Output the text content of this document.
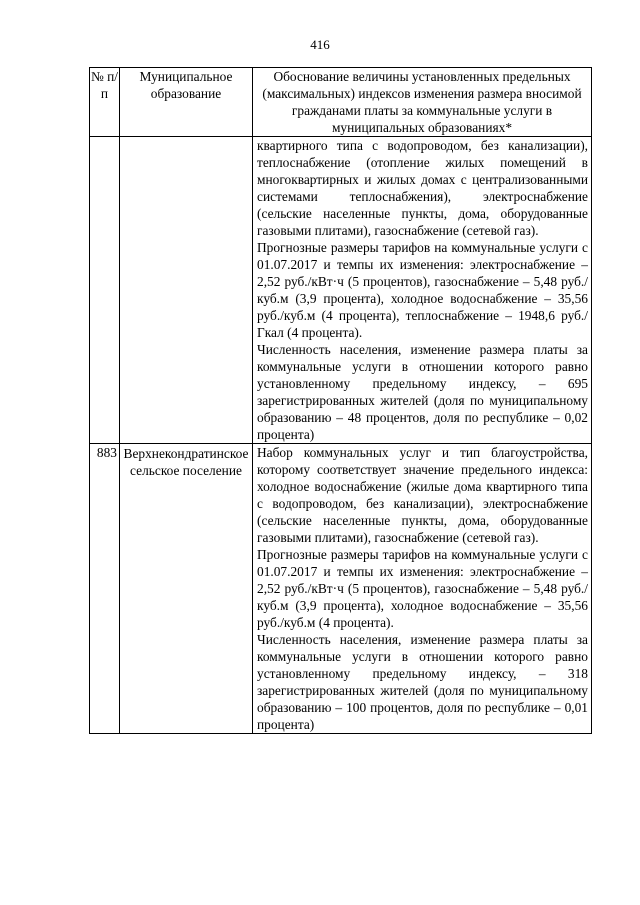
416
№ п/п	Муниципальное образование	Обоснование величины установленных предельных (максимальных) индексов изменения размера вносимой гражданами платы за коммунальные услуги в муниципальных образованиях*

		квартирного типа с водопроводом, без канализации), теплоснабжение (отопление жилых помещений в многоквартирных и жилых домах с централизованными системами теплоснабжения), электроснабжение (сельские населенные пункты, дома, оборудованные газовыми плитами), газоснабжение (сетевой газ).

Прогнозные размеры тарифов на коммунальные услуги с 01.07.2017 и темпы их изменения: электроснабжение – 2,52 руб./кВт·ч (5 процентов), газоснабжение – 5,48 руб./куб.м (3,9 процента), холодное водоснабжение – 35,56 руб./куб.м (4 процента), теплоснабжение – 1948,6 руб./Гкал (4 процента).

Численность населения, изменение размера платы за коммунальные услуги в отношении которого равно установленному предельному индексу, – 695 зарегистрированных жителей (доля по муниципальному образованию – 48 процентов, доля по республике – 0,02 процента)

883	Верхнекондратинское сельское поселение	Набор коммунальных услуг и тип благоустройства, которому соответствует значение предельного индекса: холодное водоснабжение (жилые дома квартирного типа с водопроводом, без канализации), электроснабжение (сельские населенные пункты, дома, оборудованные газовыми плитами), газоснабжение (сетевой газ).

Прогнозные размеры тарифов на коммунальные услуги с 01.07.2017 и темпы их изменения: электроснабжение – 2,52 руб./кВт·ч (5 процентов), газоснабжение – 5,48 руб./куб.м (3,9 процента), холодное водоснабжение – 35,56 руб./куб.м (4 процента).

Численность населения, изменение размера платы за коммунальные услуги в отношении которого равно установленному предельному индексу, – 318 зарегистрированных жителей (доля по муниципальному образованию – 100 процентов, доля по республике – 0,01 процента)
